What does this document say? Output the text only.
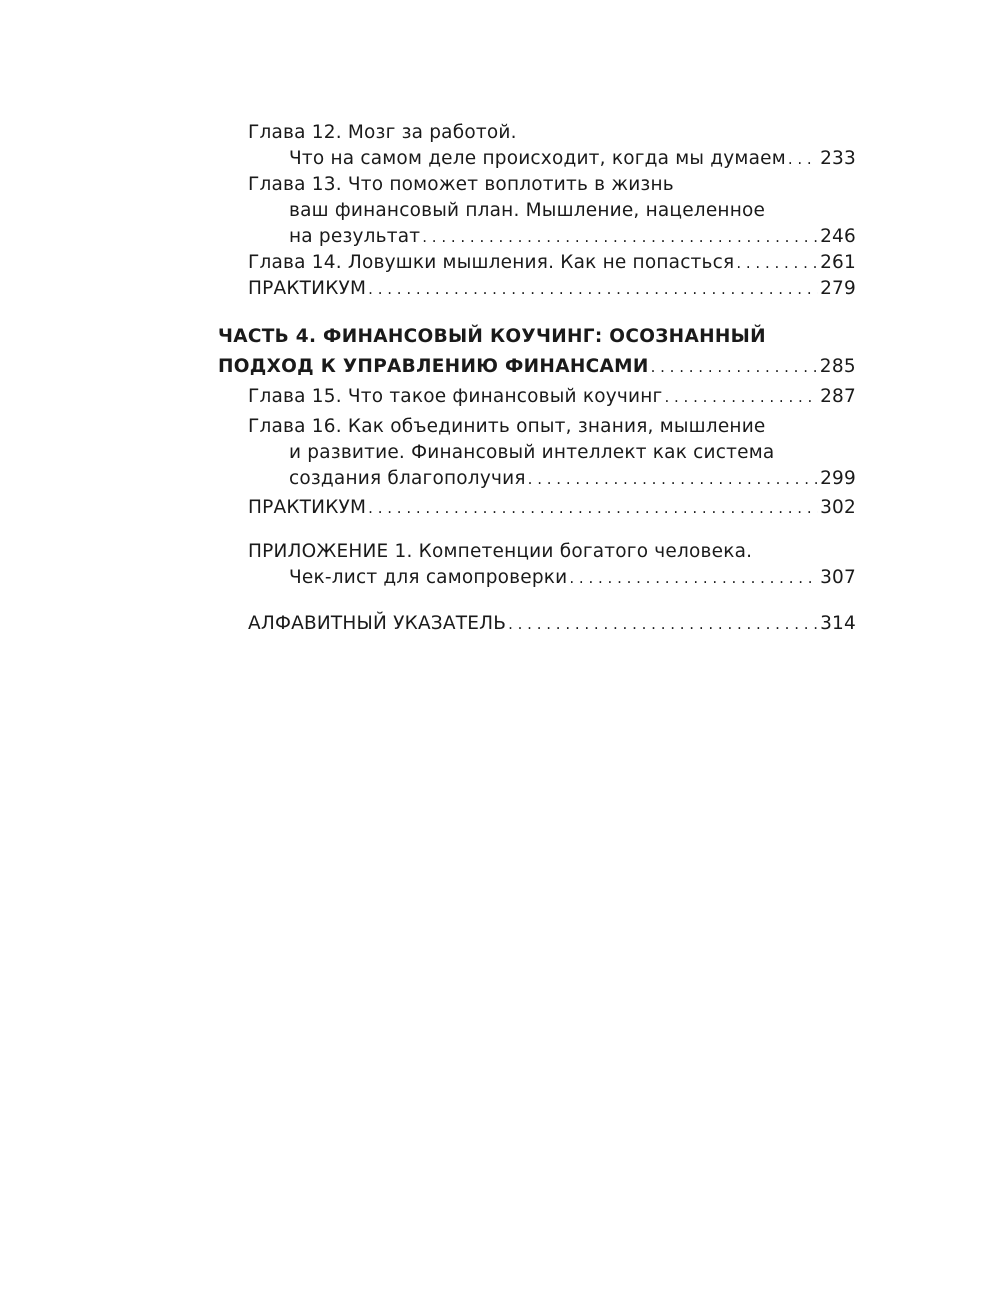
Глава 12. Мозг за работой.
Что на самом деле происходит, когда мы думаем . . . 233
Глава 13. Что поможет воплотить в жизнь
ваш финансовый план. Мышление, нацеленное
на результат . . .	246
Глава 14. Ловушки мышления. Как не попасться . . .	261
ПРАКТИКУМ . . .	279
ЧАСТЬ 4. ФИНАНСОВЫЙ КОУЧИНГ: ОСОЗНАННЫЙ
ПОДХОД К УПРАВЛЕНИЮ ФИНАНСАМИ . . .	285
Глава 15. Что такое финансовый коучинг . . .	287
Глава 16. Как объединить опыт, знания, мышление
и развитие. Финансовый интеллект как система
создания благополучия . . .	299
ПРАКТИКУМ . . .	302
ПРИЛОЖЕНИЕ 1. Компетенции богатого человека.
Чек-лист для самопроверки . . .	307
АЛФАВИТНЫЙ УКАЗАТЕЛЬ . . .	314
